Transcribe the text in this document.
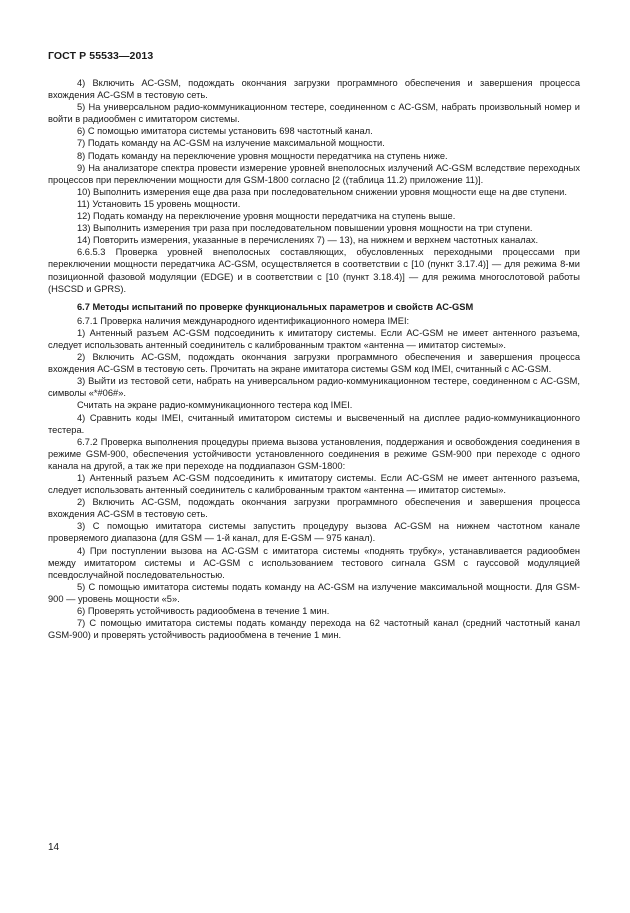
ГОСТ Р 55533—2013

4) Включить АС-GSM, подождать окончания загрузки программного обеспечения и завершения процесса вхождения АС-GSM в тестовую сеть.

5) На универсальном радио-коммуникационном тестере, соединенном с АС-GSM, набрать произвольный номер и войти в радиообмен с имитатором системы.

6) С помощью имитатора системы установить 698 частотный канал.

7) Подать команду на АС-GSM на излучение максимальной мощности.

8) Подать команду на переключение уровня мощности передатчика на ступень ниже.

9) На анализаторе спектра провести измерение уровней внеполосных излучений АС-GSM вследствие переходных процессов при переключении мощности для GSM-1800 согласно [2 ((таблица 11.2) приложение 11)].

10) Выполнить измерения еще два раза при последовательном снижении уровня мощности еще на две ступени.

11) Установить 15 уровень мощности.

12) Подать команду на переключение уровня мощности передатчика на ступень выше.

13) Выполнить измерения три раза при последовательном повышении уровня мощности на три ступени.

14) Повторить измерения, указанные в перечислениях 7) — 13), на нижнем и верхнем частотных каналах.

6.6.5.3 Проверка уровней внеполосных составляющих, обусловленных переходными процессами при переключении мощности передатчика АС-GSM, осуществляется в соответствии с [10 (пункт 3.17.4)] — для режима 8-ми позиционной фазовой модуляции (EDGE) и в соответствии с [10 (пункт 3.18.4)] — для режима многослотовой работы (HSCSD и GPRS).

6.7 Методы испытаний по проверке функциональных параметров и свойств АС-GSM

6.7.1 Проверка наличия международного идентификационного номера IMEI:

1) Антенный разъем АС-GSM подсоединить к имитатору системы. Если АС-GSM не имеет антенного разъема, следует использовать антенный соединитель с калиброванным трактом «антенна — имитатор системы».

2) Включить АС-GSM, подождать окончания загрузки программного обеспечения и завершения процесса вхождения АС-GSM в тестовую сеть. Прочитать на экране имитатора системы GSM код IMEI, считанный с АС-GSM.

3) Выйти из тестовой сети, набрать на универсальном радио-коммуникационном тестере, соединенном с АС-GSM, символы «*#06#».

Считать на экране радио-коммуникационного тестера код IMEI.

4) Сравнить коды IMEI, считанный имитатором системы и высвеченный на дисплее радио-коммуникационного тестера.

6.7.2 Проверка выполнения процедуры приема вызова установления, поддержания и освобождения соединения в режиме GSM-900, обеспечения устойчивости установленного соединения в режиме GSM-900 при переходе с одного канала на другой, а так же при переходе на поддиапазон GSM-1800:

1) Антенный разъем АС-GSM подсоединить к имитатору системы. Если АС-GSM не имеет антенного разъема, следует использовать антенный соединитель с калиброванным трактом «антенна — имитатор системы».

2) Включить АС-GSM, подождать окончания загрузки программного обеспечения и завершения процесса вхождения АС-GSM в тестовую сеть.

3) С помощью имитатора системы запустить процедуру вызова АС-GSM на нижнем частотном канале проверяемого диапазона (для GSM — 1-й канал, для E-GSM — 975 канал).

4) При поступлении вызова на АС-GSM с имитатора системы «поднять трубку», устанавливается радиообмен между имитатором системы и АС-GSM с использованием тестового сигнала GSM с гауссовой модуляцией псевдослучайной последовательностью.

5) С помощью имитатора системы подать команду на АС-GSM на излучение максимальной мощности. Для GSM-900 — уровень мощности «5».

6) Проверять устойчивость радиообмена в течение 1 мин.

7) С помощью имитатора системы подать команду перехода на 62 частотный канал (средний частотный канал GSM-900) и проверять устойчивость радиообмена в течение 1 мин.

14
